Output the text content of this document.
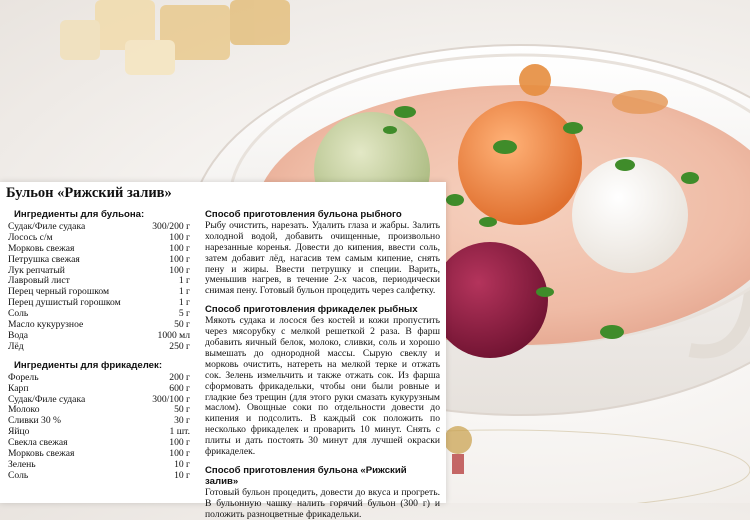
Бульон «Рижский залив»
Ингредиенты для бульона:
Судак/Филе судака	300/200 г
Лосось с/м	100 г
Морковь свежая	100 г
Петрушка свежая	100 г
Лук репчатый	100 г
Лавровый лист	1 г
Перец черный горошком	1 г
Перец душистый горошком	1 г
Соль	5 г
Масло кукурузное	50 г
Вода	1000 мл
Лёд	250 г
Ингредиенты для фрикаделек:
Форель	200 г
Карп	600 г
Судак/Филе судака	300/100 г
Молоко	50 г
Сливки 30 %	30 г
Яйцо	1 шт.
Свекла свежая	100 г
Морковь свежая	100 г
Зелень	10 г
Соль	10 г
Способ приготовления бульона рыбного
Рыбу очистить, нарезать. Удалить глаза и жабры. Залить холодной водой, добавить очищенные, произвольно нарезанные коренья. Довести до кипения, ввести соль, затем добавит лёд, нагасив тем самым кипение, снять пену и жиры. Ввести петрушку и специи. Варить, уменьшив нагрев, в течение 2-х часов, периодически снимая пену. Готовый бульон процедить через салфетку.
Способ приготовления фрикаделек рыбных
Мякоть судака и лосося без костей и кожи пропустить через мясорубку с мелкой решеткой 2 раза. В фарш добавить яичный белок, молоко, сливки, соль и хорошо вымешать до однородной массы. Сырую свеклу и морковь очистить, натереть на мелкой терке и отжать сок. Зелень измельчить и также отжать сок. Из фарша сформовать фрикадельки, чтобы они были ровные и гладкие без трещин (для этого руки смазать кукурузным маслом). Овощные соки по отдельности довести до кипения и подсолить. В каждый сок положить по несколько фрикаделек и проварить 10 минут. Снять с плиты и дать постоять 30 минут для лучшей окраски фрикаделек.
Способ приготовления бульона «Рижский залив»
Готовый бульон процедить, довести до вкуса и прогреть. В бульонную чашку налить горячий бульон (300 г) и положить разноцветные фрикадельки.
